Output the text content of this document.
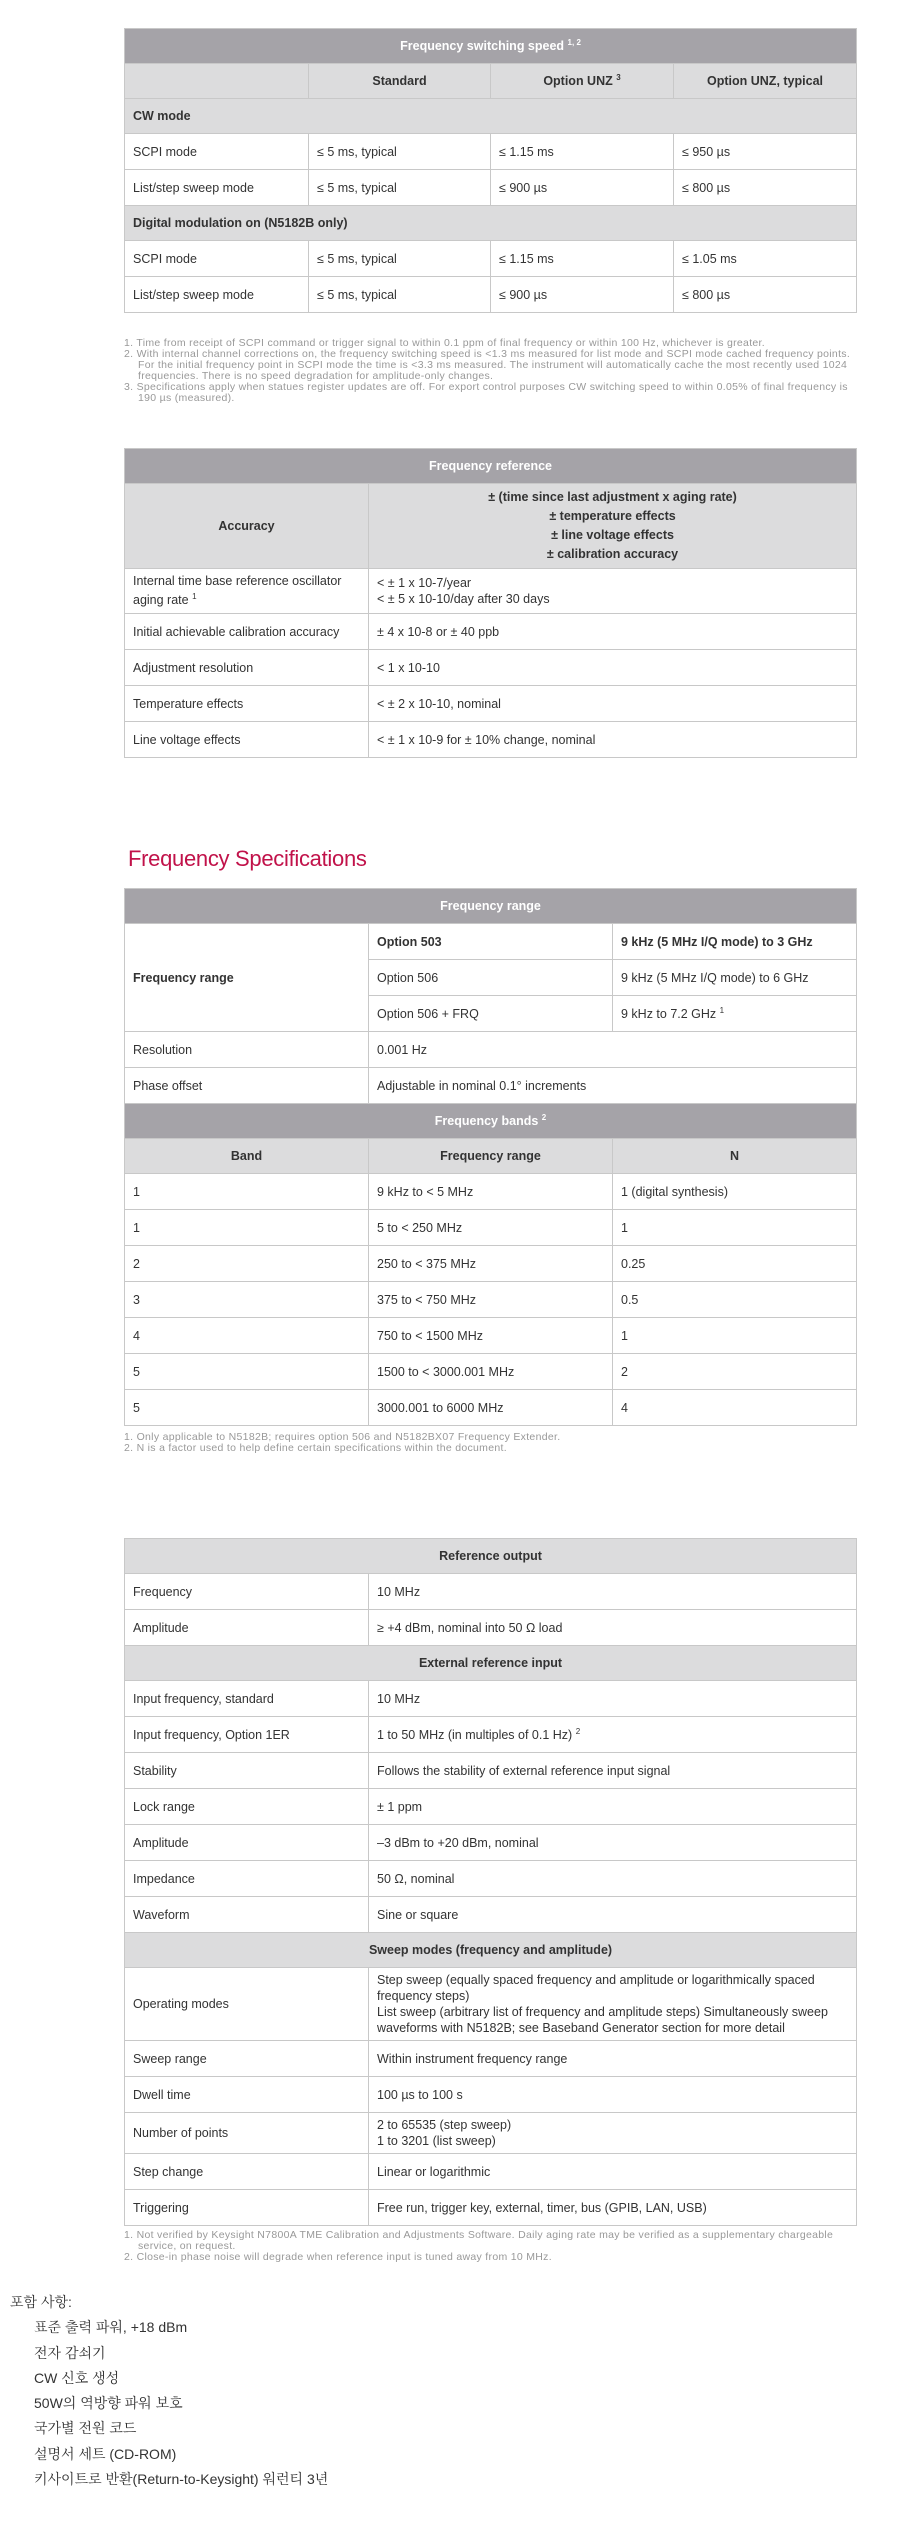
Frequency switching speed $^{1, 2}$
	Standard	Option UNZ $^3$	Option UNZ, typical
CW mode			
SCPI mode	≤ 5 ms, typical	≤ 1.15 ms	≤ 950 µs
List/step sweep mode	≤ 5 ms, typical	≤ 900 µs	≤ 800 µs
Digital modulation on (N5182B only)			
SCPI mode	≤ 5 ms, typical	≤ 1.15 ms	≤ 1.05 ms
List/step sweep mode	≤ 5 ms, typical	≤ 900 µs	≤ 800 µs
1. Time from receipt of SCPI command or trigger signal to within 0.1 ppm of final frequency or within 100 Hz, whichever is greater.
2. With internal channel corrections on, the frequency switching speed is <1.3 ms measured for list mode and SCPI mode cached frequency points. For the initial frequency point in SCPI mode the time is <3.3 ms measured. The instrument will automatically cache the most recently used 1024 frequencies. There is no speed degradation for amplitude-only changes.
3. Specifications apply when statues register updates are off. For export control purposes CW switching speed to within 0.05% of final frequency is 190 µs (measured).
Frequency reference	
Accuracy	± (time since last adjustment x aging rate)
± temperature effects
± line voltage effects
± calibration accuracy

Internal time base reference oscillator aging rate $^1$	< ± 1 x 10-7/year
< ± 5 x 10-10/day after 30 days

Initial achievable calibration accuracy	± 4 x 10-8 or ± 40 ppb
Adjustment resolution	< 1 x 10-10
Temperature effects	< ± 2 x 10-10, nominal
Line voltage effects	< ± 1 x 10-9 for ± 10% change, nominal
Frequency Specifications
Frequency range		
Frequency range	Option 503	9 kHz (5 MHz I/Q mode) to 3 GHz
	Option 506	9 kHz (5 MHz I/Q mode) to 6 GHz
	Option 506 + FRQ	9 kHz to 7.2 GHz $^1$
Resolution	0.001 Hz	
Phase offset	Adjustable in nominal 0.1° increments	
Frequency bands $^2$
Band	Frequency range	N
1	9 kHz to < 5 MHz	1 (digital synthesis)
1	5 to < 250 MHz	1
2	250 to < 375 MHz	0.25
3	375 to < 750 MHz	0.5
4	750 to < 1500 MHz	1
5	1500 to < 3000.001 MHz	2
5	3000.001 to 6000 MHz	4
1. Only applicable to N5182B; requires option 506 and N5182BX07 Frequency Extender.
2. N is a factor used to help define certain specifications within the document.
Reference output	
Frequency	10 MHz
Amplitude	≥ +4 dBm, nominal into 50 Ω load
External reference input	
Input frequency, standard	10 MHz
Input frequency, Option 1ER	1 to 50 MHz (in multiples of 0.1 Hz) $^2$
Stability	Follows the stability of external reference input signal
Lock range	± 1 ppm
Amplitude	–3 dBm to +20 dBm, nominal
Impedance	50 Ω, nominal
Waveform	Sine or square
Sweep modes (frequency and amplitude)	
Operating modes	Step sweep (equally spaced frequency and amplitude or logarithmically spaced frequency steps)
List sweep (arbitrary list of frequency and amplitude steps) Simultaneously sweep waveforms with N5182B; see Baseband Generator section for more detail

Sweep range	Within instrument frequency range
Dwell time	100 µs to 100 s
Number of points	2 to 65535 (step sweep)
1 to 3201 (list sweep)

Step change	Linear or logarithmic
Triggering	Free run, trigger key, external, timer, bus (GPIB, LAN, USB)
1. Not verified by Keysight N7800A TME Calibration and Adjustments Software. Daily aging rate may be verified as a supplementary chargeable service, on request.
2. Close-in phase noise will degrade when reference input is tuned away from 10 MHz.
포함 사항:
표준 출력 파워, +18 dBm
전자 감쇠기
CW 신호 생성
50W의 역방향 파워 보호
국가별 전원 코드
설명서 세트 (CD-ROM)
키사이트로 반환(Return-to-Keysight) 워런티 3년
